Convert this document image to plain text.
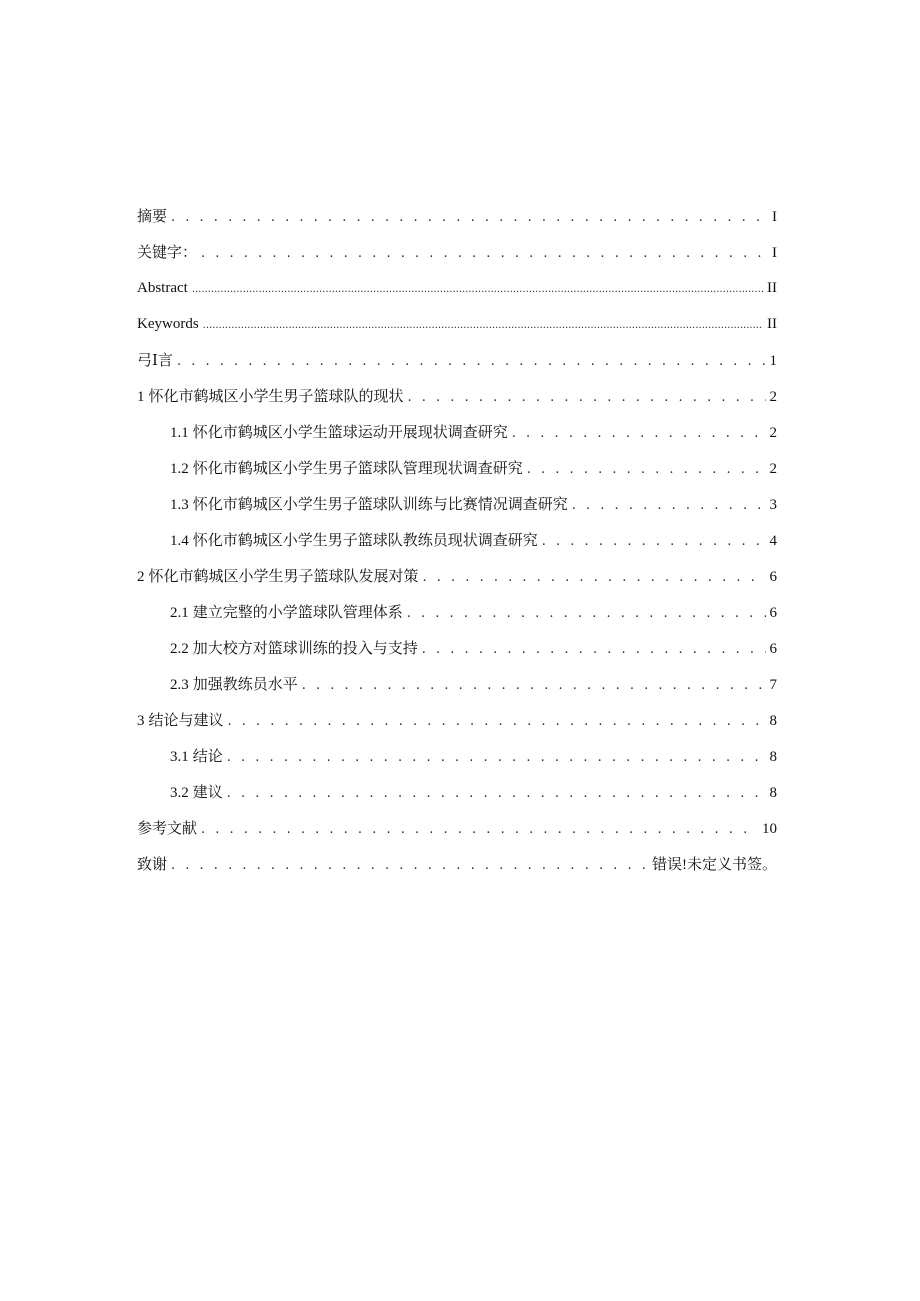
摘要 . . .	I
关键字： . . .	I
Abstract .....	II
Keywords .....	II
弓I言 . . .	1
1 怀化市鹤城区小学生男子篮球队的现状 . . .	2
1.1 怀化市鹤城区小学生篮球运动开展现状调查研究 . . .	2
1.2 怀化市鹤城区小学生男子篮球队管理现状调查研究 . . .	2
1.3 怀化市鹤城区小学生男子篮球队训练与比赛情况调查研究 . . .	3
1.4 怀化市鹤城区小学生男子篮球队教练员现状调查研究 . . .	4
2 怀化市鹤城区小学生男子篮球队发展对策 . . .	6
2.1 建立完整的小学篮球队管理体系 . . .	6
2.2 加大校方对篮球训练的投入与支持 . . .	6
2.3 加强教练员水平 . . .	7
3 结论与建议 . . .	8
3.1 结论 . . .	8
3.2 建议 . . .	8
参考文献 . . .	10
致谢 . . .	错误!未定义书签。
